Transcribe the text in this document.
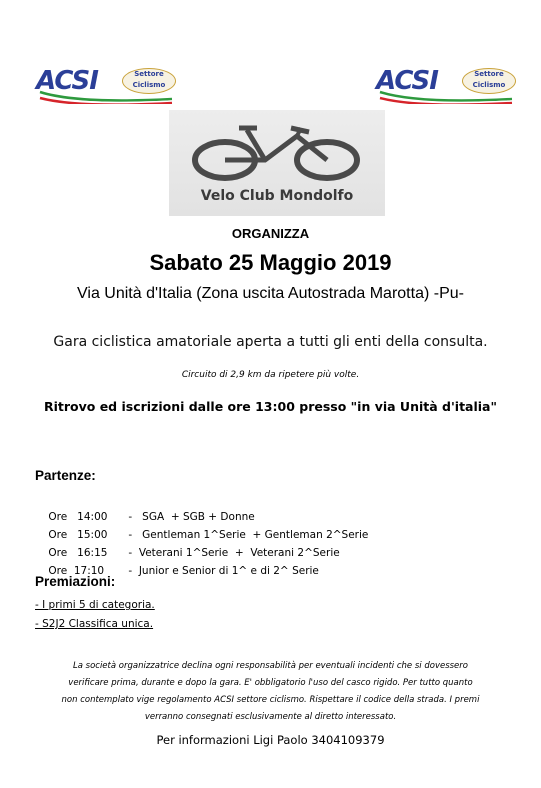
ACSI	Settore
Ciclismo	ACSI	Settore
Ciclismo
Velo Club Mondolfo
ORGANIZZA
Sabato 25 Maggio 2019
Via Unità d'Italia (Zona uscita Autostrada Marotta) -Pu-
Gara ciclistica amatoriale aperta a tutti gli enti della consulta.
Circuito di 2,9 km da ripetere più volte.
Ritrovo ed iscrizioni dalle ore 13:00 presso "in via Unità d'italia"
Partenze:

Ore   14:00 -   SGA  + SGB + Donne

Ore   15:00 -   Gentleman 1^Serie  + Gentleman 2^Serie

Ore   16:15 -  Veterani 1^Serie  +  Veterani 2^Serie

Ore  17:10 -  Junior e Senior di 1^ e di 2^ Serie

Premiazioni:
- I primi 5 di categoria.
- S2J2 Classifica unica.
La società organizzatrice declina ogni responsabilità per eventuali incidenti che si dovessero verificare prima, durante e dopo la gara. E' obbligatorio l'uso del casco rigido. Per tutto quanto non contemplato vige regolamento ACSI settore ciclismo. Rispettare il codice della strada. I premi verranno consegnati esclusivamente al diretto interessato.
Per informazioni Ligi Paolo 3404109379
